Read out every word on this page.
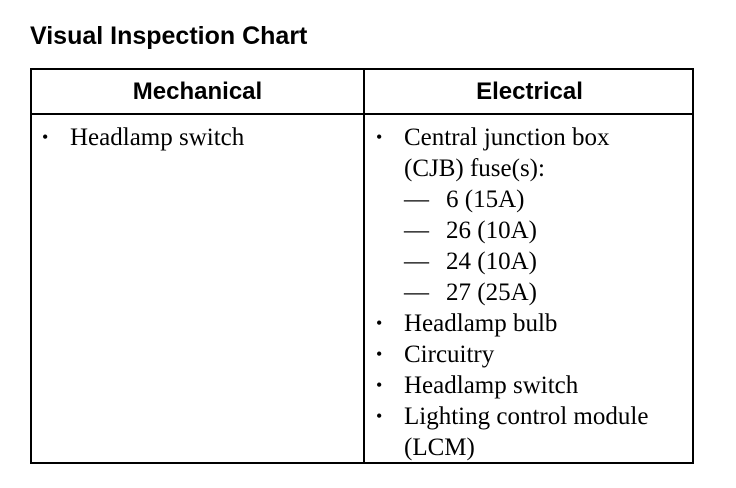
Visual Inspection Chart
Mechanical	Electrical
• Headlamp switch	• Central junction box
(CJB) fuse(s):
— 6 (15A)
— 26 (10A)
— 24 (10A)
— 27 (25A)
• Headlamp bulb
• Circuitry
• Headlamp switch
• Lighting control module
(LCM)
